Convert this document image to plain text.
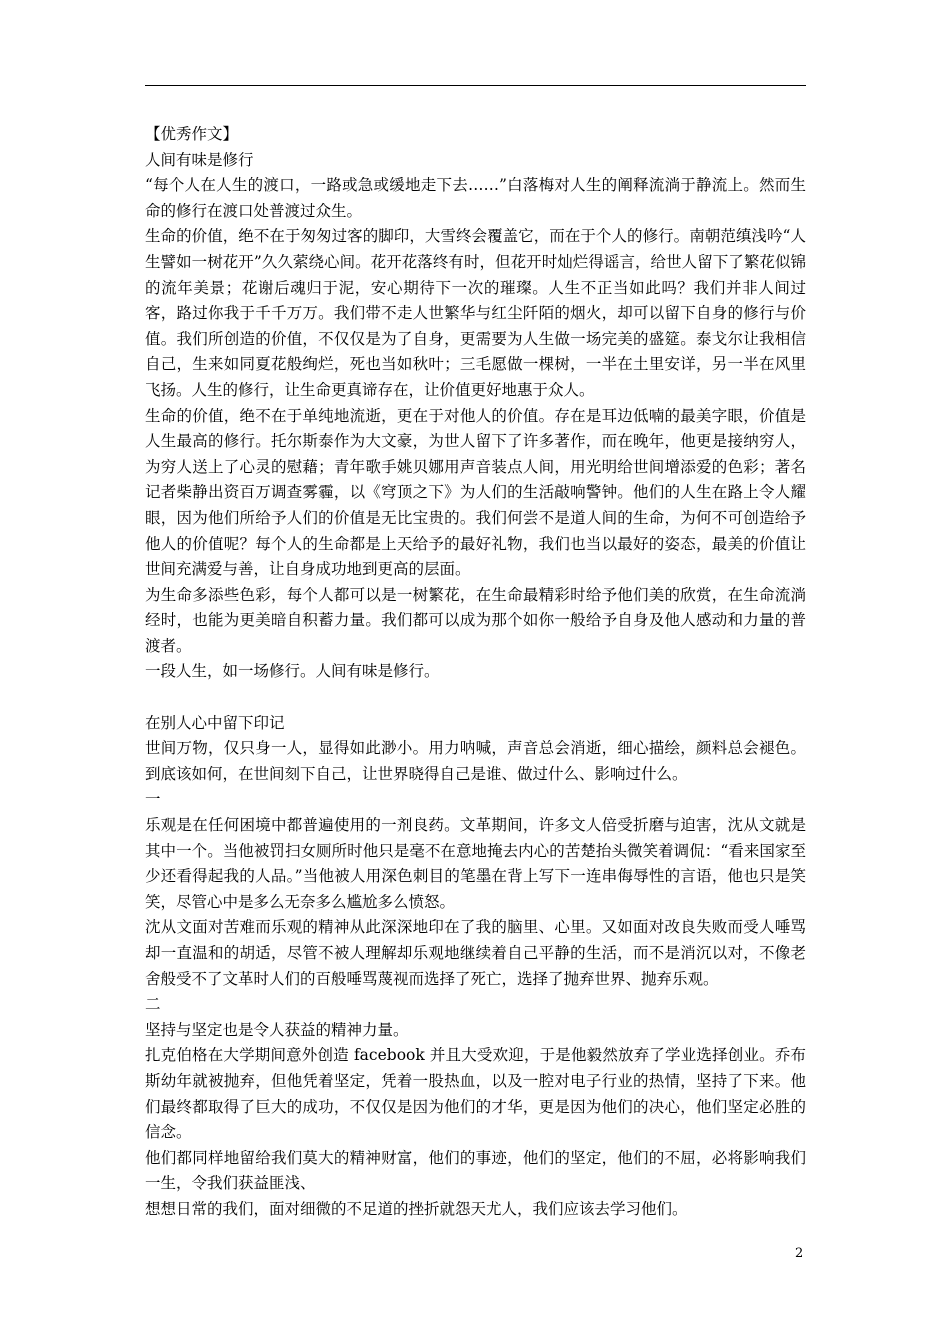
【优秀作文】

人间有味是修行

“每个人在人生的渡口，一路或急或缓地走下去……”白落梅对人生的阐释流淌于静流上。然而生命的修行在渡口处普渡过众生。

生命的价值，绝不在于匆匆过客的脚印，大雪终会覆盖它，而在于个人的修行。南朝范缜浅吟“人生譬如一树花开”久久萦绕心间。花开花落终有时，但花开时灿烂得谣言，给世人留下了繁花似锦的流年美景；花谢后魂归于泥，安心期待下一次的璀璨。人生不正当如此吗？我们并非人间过客，路过你我于千千万万。我们带不走人世繁华与红尘阡陌的烟火，却可以留下自身的修行与价值。我们所创造的价值，不仅仅是为了自身，更需要为人生做一场完美的盛筵。泰戈尔让我相信自己，生来如同夏花般绚烂，死也当如秋叶；三毛愿做一棵树，一半在土里安详，另一半在风里飞扬。人生的修行，让生命更真谛存在，让价值更好地惠于众人。

生命的价值，绝不在于单纯地流逝，更在于对他人的价值。存在是耳边低喃的最美字眼，价值是人生最高的修行。托尔斯泰作为大文豪，为世人留下了许多著作，而在晚年，他更是接纳穷人，为穷人送上了心灵的慰藉；青年歌手姚贝娜用声音装点人间，用光明给世间增添爱的色彩；著名记者柴静出资百万调查雾霾，以《穹顶之下》为人们的生活敲响警钟。他们的人生在路上令人耀眼，因为他们所给予人们的价值是无比宝贵的。我们何尝不是道人间的生命，为何不可创造给予他人的价值呢？每个人的生命都是上天给予的最好礼物，我们也当以最好的姿态，最美的价值让世间充满爱与善，让自身成功地到更高的层面。

为生命多添些色彩，每个人都可以是一树繁花，在生命最精彩时给予他们美的欣赏，在生命流淌经时，也能为更美暗自积蓄力量。我们都可以成为那个如你一般给予自身及他人感动和力量的普渡者。

一段人生，如一场修行。人间有味是修行。

在别人心中留下印记

世间万物，仅只身一人，显得如此渺小。用力呐喊，声音总会消逝，细心描绘，颜料总会褪色。到底该如何，在世间刻下自己，让世界晓得自己是谁、做过什么、影响过什么。

一

乐观是在任何困境中都普遍使用的一剂良药。文革期间，许多文人倍受折磨与迫害，沈从文就是其中一个。当他被罚扫女厕所时他只是毫不在意地掩去内心的苦楚抬头微笑着调侃：“看来国家至少还看得起我的人品。”当他被人用深色刺目的笔墨在背上写下一连串侮辱性的言语，他也只是笑笑，尽管心中是多么无奈多么尴尬多么愤怒。

沈从文面对苦难而乐观的精神从此深深地印在了我的脑里、心里。又如面对改良失败而受人唾骂却一直温和的胡适，尽管不被人理解却乐观地继续着自己平静的生活，而不是消沉以对，不像老舍般受不了文革时人们的百般唾骂蔑视而选择了死亡，选择了抛弃世界、抛弃乐观。

二

坚持与坚定也是令人获益的精神力量。

扎克伯格在大学期间意外创造 facebook 并且大受欢迎，于是他毅然放弃了学业选择创业。乔布斯幼年就被抛弃，但他凭着坚定，凭着一股热血，以及一腔对电子行业的热情，坚持了下来。他们最终都取得了巨大的成功，不仅仅是因为他们的才华，更是因为他们的决心，他们坚定必胜的信念。

他们都同样地留给我们莫大的精神财富，他们的事迹，他们的坚定，他们的不屈，必将影响我们一生，令我们获益匪浅、

想想日常的我们，面对细微的不足道的挫折就怨天尤人，我们应该去学习他们。

2
